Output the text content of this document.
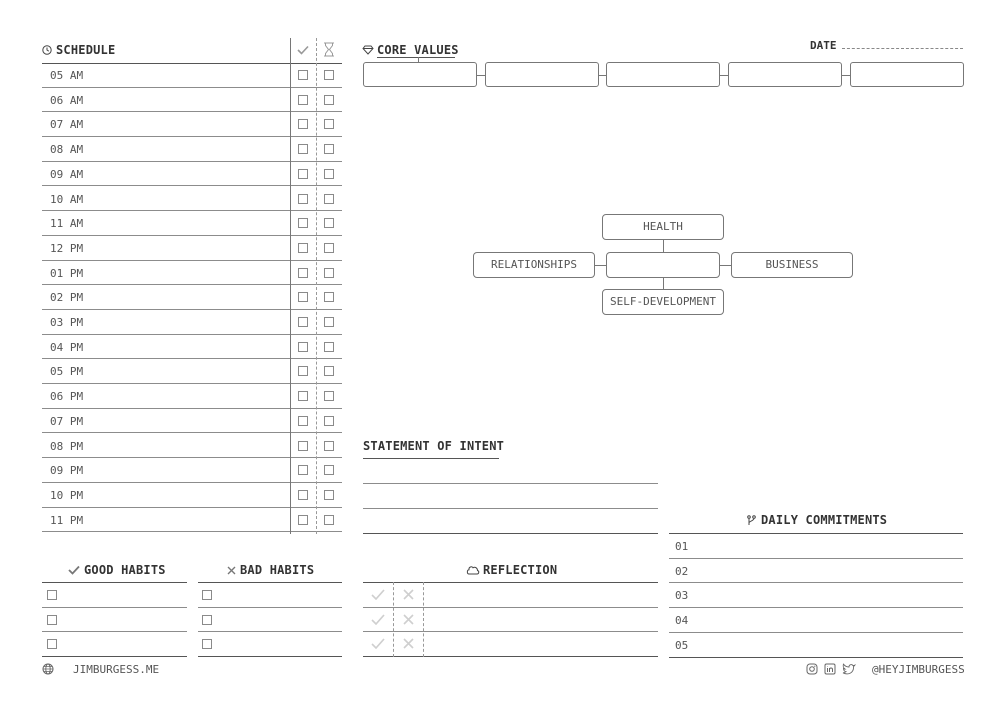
SCHEDULE
05 AM
06 AM
07 AM
08 AM
09 AM
10 AM
11 AM
12 PM
01 PM
02 PM
03 PM
04 PM
05 PM
06 PM
07 PM
08 PM
09 PM
10 PM
11 PM
CORE VALUES	DATE
HEALTH
RELATIONSHIPS	BUSINESS
SELF-DEVELOPMENT
STATEMENT OF INTENT
DAILY COMMITMENTS
01
02
03
04
05
GOOD HABITS	BAD HABITS	REFLECTION
JIMBURGESS.ME	@HEYJIMBURGESS
